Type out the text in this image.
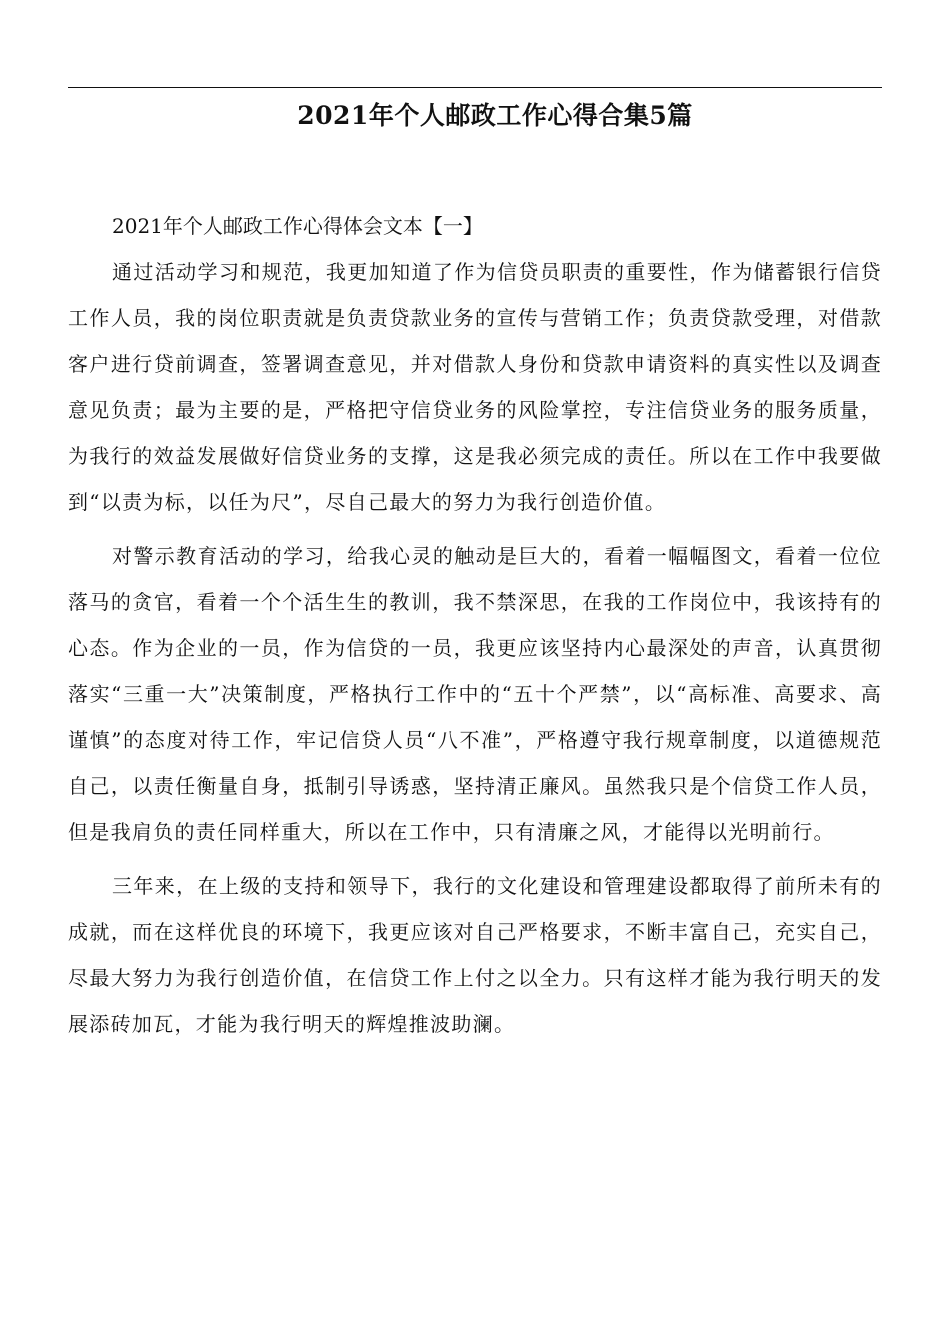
2021年个人邮政工作心得合集5篇

2021年个人邮政工作心得体会文本【一】

通过活动学习和规范，我更加知道了作为信贷员职责的重要性，作为储蓄银行信贷工作人员，我的岗位职责就是负责贷款业务的宣传与营销工作；负责贷款受理，对借款客户进行贷前调查，签署调查意见，并对借款人身份和贷款申请资料的真实性以及调查意见负责；最为主要的是，严格把守信贷业务的风险掌控，专注信贷业务的服务质量，为我行的效益发展做好信贷业务的支撑，这是我必须完成的责任。所以在工作中我要做到“以责为标，以任为尺”，尽自己最大的努力为我行创造价值。

对警示教育活动的学习，给我心灵的触动是巨大的，看着一幅幅图文，看着一位位落马的贪官，看着一个个活生生的教训，我不禁深思，在我的工作岗位中，我该持有的心态。作为企业的一员，作为信贷的一员，我更应该坚持内心最深处的声音，认真贯彻落实“三重一大”决策制度，严格执行工作中的“五十个严禁”，以“高标准、高要求、高谨慎”的态度对待工作，牢记信贷人员“八不准”，严格遵守我行规章制度，以道德规范自己，以责任衡量自身，抵制引导诱惑，坚持清正廉风。虽然我只是个信贷工作人员，但是我肩负的责任同样重大，所以在工作中，只有清廉之风，才能得以光明前行。

三年来，在上级的支持和领导下，我行的文化建设和管理建设都取得了前所未有的成就，而在这样优良的环境下，我更应该对自己严格要求，不断丰富自己，充实自己，尽最大努力为我行创造价值，在信贷工作上付之以全力。只有这样才能为我行明天的发展添砖加瓦，才能为我行明天的辉煌推波助澜。
